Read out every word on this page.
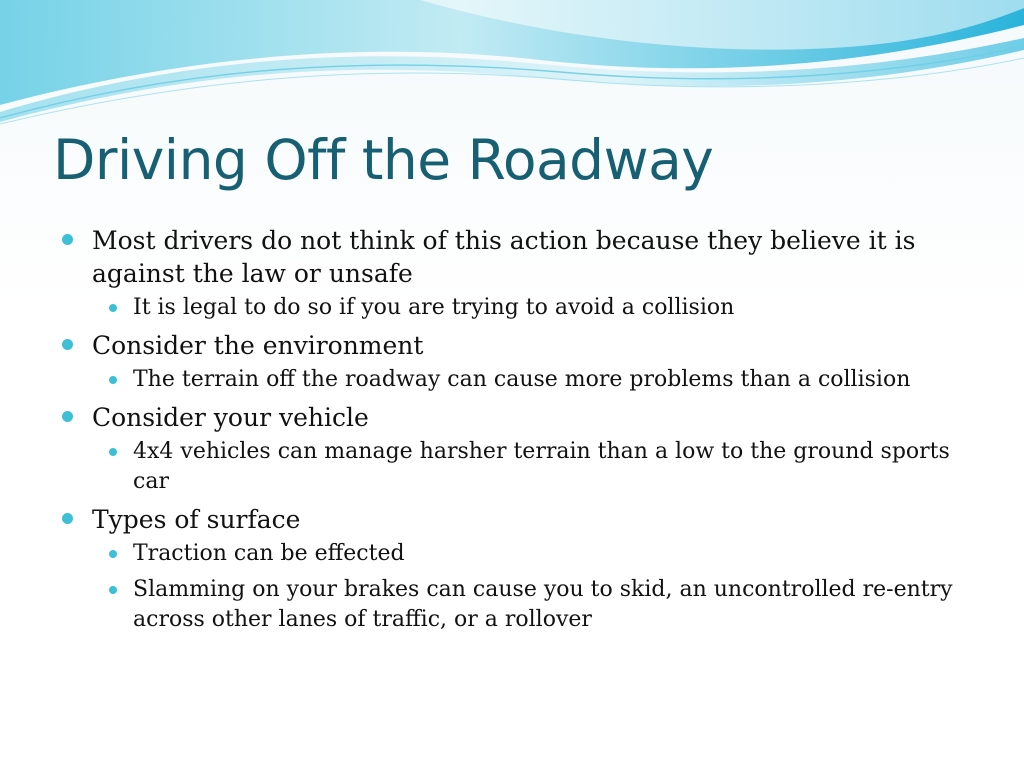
Driving Off the Roadway
Most drivers do not think of this action because they believe it is against the law or unsafe
It is legal to do so if you are trying to avoid a collision
Consider the environment
The terrain off the roadway can cause more problems than a collision
Consider your vehicle
4x4 vehicles can manage harsher terrain than a low to the ground sports car
Types of surface
Traction can be effected
Slamming on your brakes can cause you to skid, an uncontrolled re-entry across other lanes of traffic, or a rollover
